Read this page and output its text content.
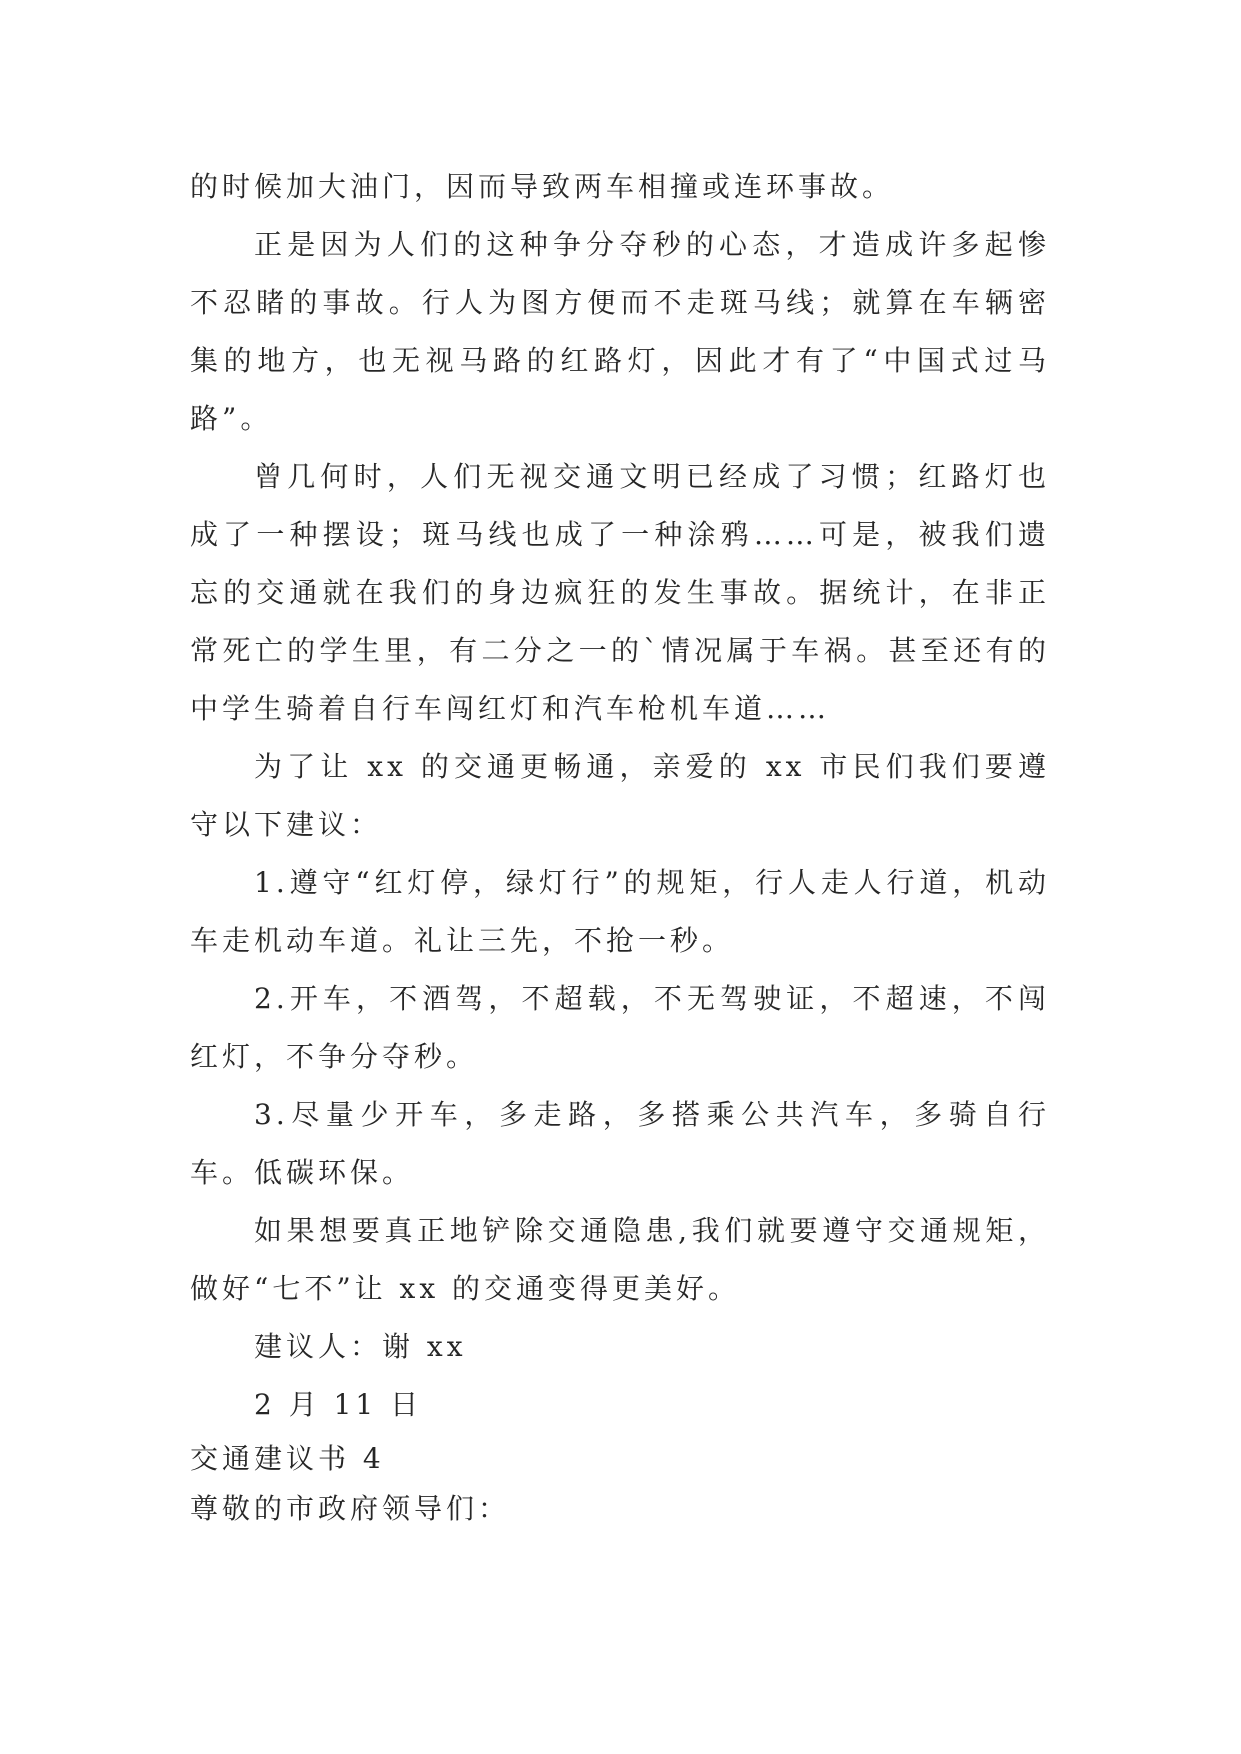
的时候加大油门，因而导致两车相撞或连环事故。

正是因为人们的这种争分夺秒的心态，才造成许多起惨不忍睹的事故。行人为图方便而不走斑马线；就算在车辆密集的地方，也无视马路的红路灯，因此才有了“中国式过马路”。

曾几何时，人们无视交通文明已经成了习惯；红路灯也成了一种摆设；斑马线也成了一种涂鸦……可是，被我们遗忘的交通就在我们的身边疯狂的发生事故。据统计，在非正常死亡的学生里，有二分之一的`情况属于车祸。甚至还有的中学生骑着自行车闯红灯和汽车枪机车道……

为了让 xx 的交通更畅通，亲爱的 xx 市民们我们要遵守以下建议：

1.遵守“红灯停，绿灯行”的规矩，行人走人行道，机动车走机动车道。礼让三先，不抢一秒。

2.开车，不酒驾，不超载，不无驾驶证，不超速，不闯红灯，不争分夺秒。

3.尽量少开车，多走路，多搭乘公共汽车，多骑自行车。低碳环保。

如果想要真正地铲除交通隐患,我们就要遵守交通规矩，做好“七不”让 xx 的交通变得更美好。

建议人：谢 xx

2 月 11 日

交通建议书 4

尊敬的市政府领导们：
